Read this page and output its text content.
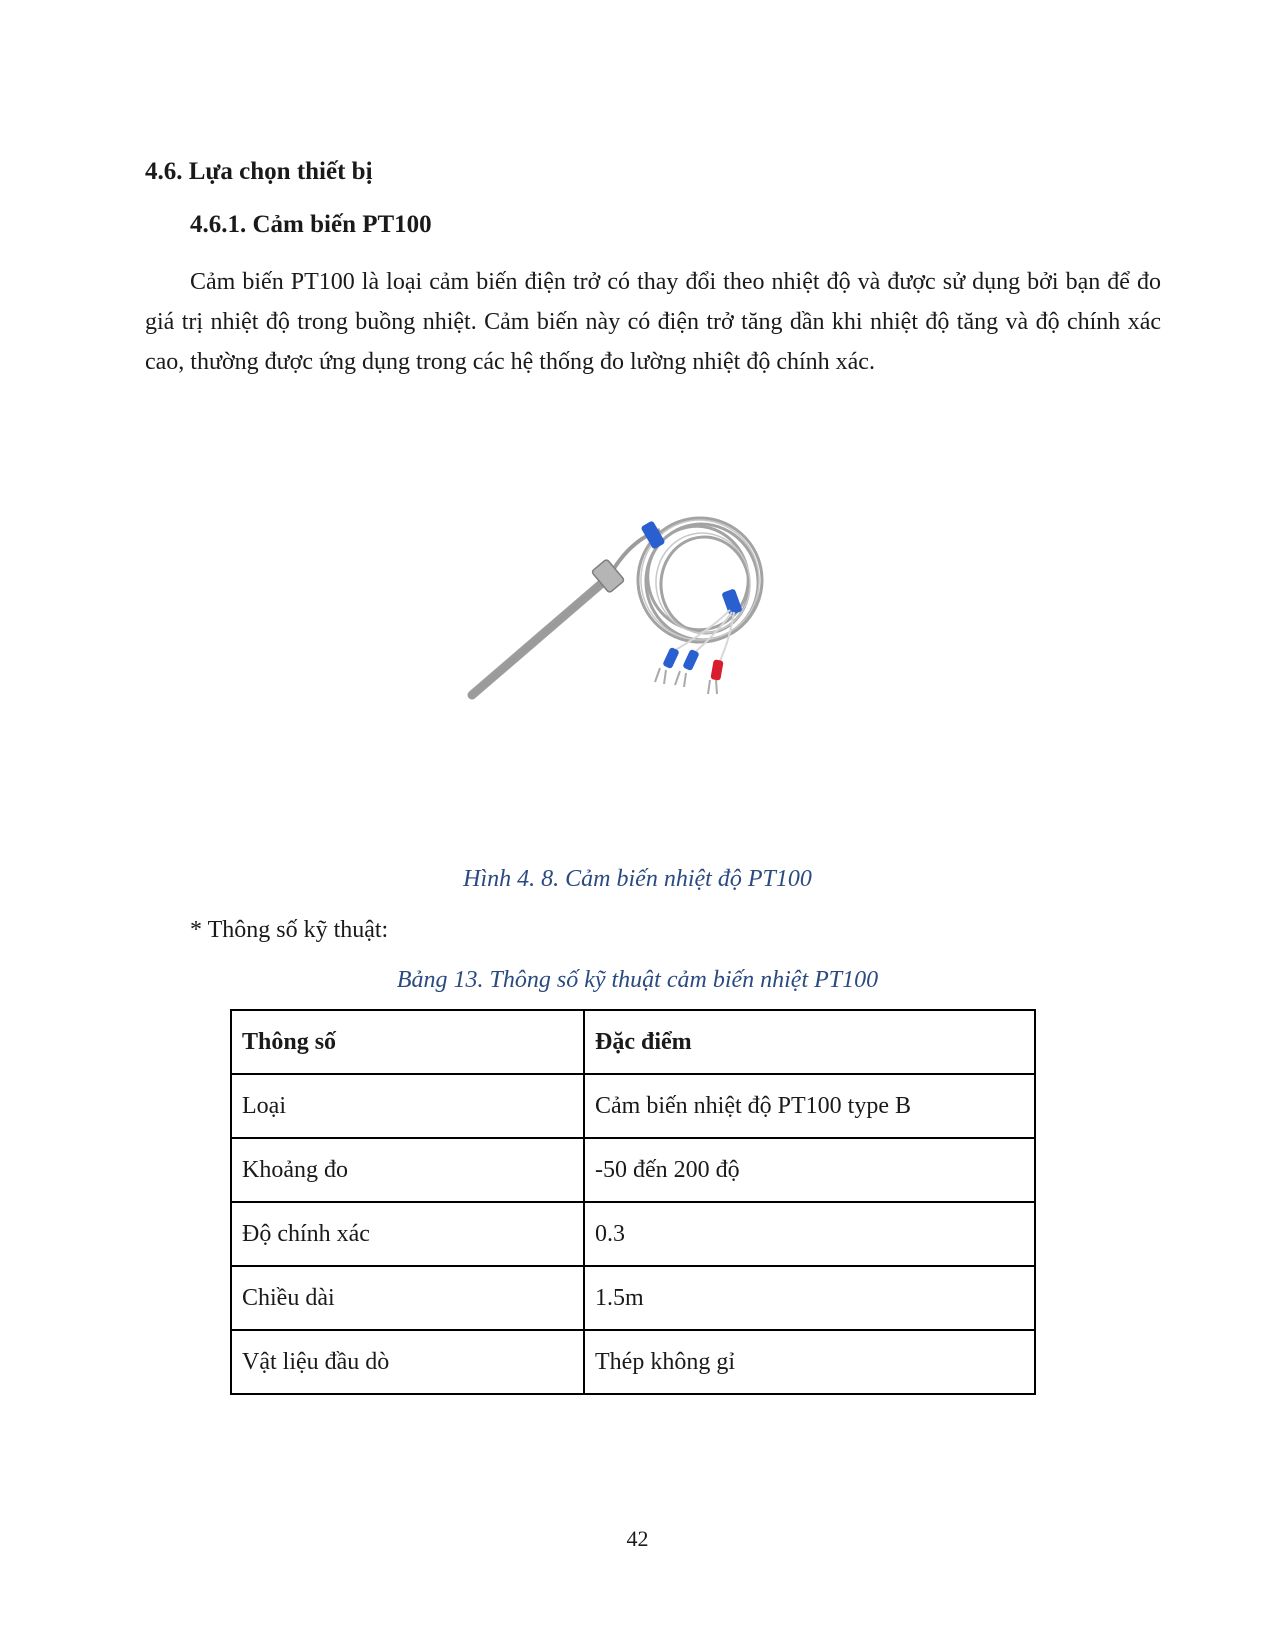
4.6. Lựa chọn thiết bị
4.6.1. Cảm biến PT100
Cảm biến PT100 là loại cảm biến điện trở có thay đổi theo nhiệt độ và được sử dụng bởi bạn để đo giá trị nhiệt độ trong buồng nhiệt. Cảm biến này có điện trở tăng dần khi nhiệt độ tăng và độ chính xác cao, thường được ứng dụng trong các hệ thống đo lường nhiệt độ chính xác.
Hình 4. 8. Cảm biến nhiệt độ PT100
* Thông số kỹ thuật:
Bảng 13. Thông số kỹ thuật cảm biến nhiệt PT100
Thông số	Đặc điểm
Loại	Cảm biến nhiệt độ PT100 type B
Khoảng đo	-50 đến 200 độ
Độ chính xác	0.3
Chiều dài	1.5m
Vật liệu đầu dò	Thép không gỉ
42
